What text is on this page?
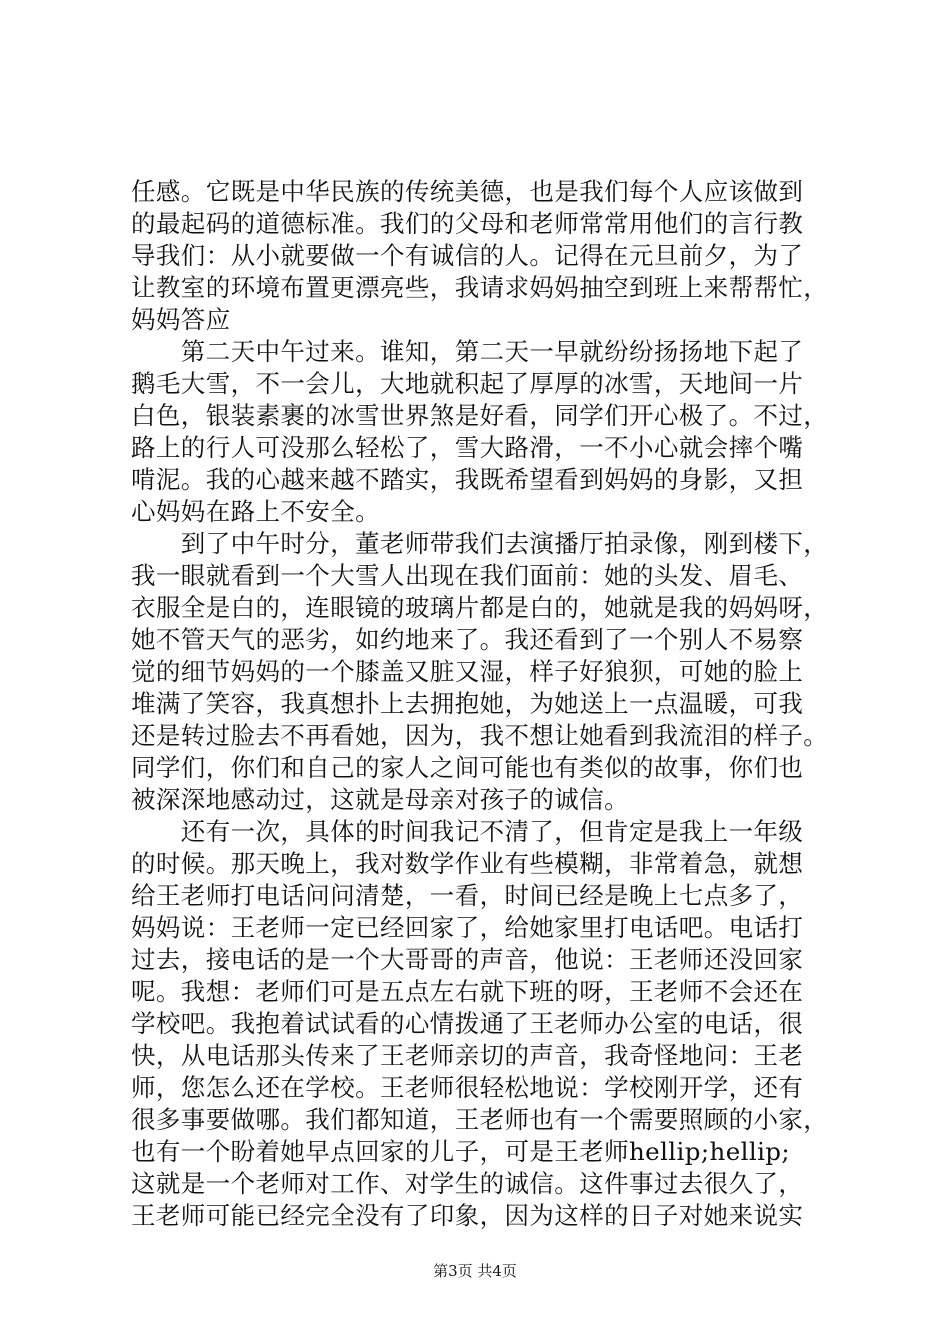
任感。它既是中华民族的传统美德，也是我们每个人应该做到
的最起码的道德标准。我们的父母和老师常常用他们的言行教
导我们：从小就要做一个有诚信的人。记得在元旦前夕，为了
让教室的环境布置更漂亮些，我请求妈妈抽空到班上来帮帮忙，
妈妈答应
　　第二天中午过来。谁知，第二天一早就纷纷扬扬地下起了
鹅毛大雪，不一会儿，大地就积起了厚厚的冰雪，天地间一片
白色，银装素裹的冰雪世界煞是好看，同学们开心极了。不过，
路上的行人可没那么轻松了，雪大路滑，一不小心就会摔个嘴
啃泥。我的心越来越不踏实，我既希望看到妈妈的身影，又担
心妈妈在路上不安全。
　　到了中午时分，董老师带我们去演播厅拍录像，刚到楼下，
我一眼就看到一个大雪人出现在我们面前：她的头发、眉毛、
衣服全是白的，连眼镜的玻璃片都是白的，她就是我的妈妈呀，
她不管天气的恶劣，如约地来了。我还看到了一个别人不易察
觉的细节妈妈的一个膝盖又脏又湿，样子好狼狈，可她的脸上
堆满了笑容，我真想扑上去拥抱她，为她送上一点温暖，可我
还是转过脸去不再看她，因为，我不想让她看到我流泪的样子。
同学们，你们和自己的家人之间可能也有类似的故事，你们也
被深深地感动过，这就是母亲对孩子的诚信。
　　还有一次，具体的时间我记不清了，但肯定是我上一年级
的时候。那天晚上，我对数学作业有些模糊，非常着急，就想
给王老师打电话问问清楚，一看，时间已经是晚上七点多了，
妈妈说：王老师一定已经回家了，给她家里打电话吧。电话打
过去，接电话的是一个大哥哥的声音，他说：王老师还没回家
呢。我想：老师们可是五点左右就下班的呀，王老师不会还在
学校吧。我抱着试试看的心情拨通了王老师办公室的电话，很
快，从电话那头传来了王老师亲切的声音，我奇怪地问：王老
师，您怎么还在学校。王老师很轻松地说：学校刚开学，还有
很多事要做哪。我们都知道，王老师也有一个需要照顾的小家，
也有一个盼着她早点回家的儿子，可是王老师hellip;hellip;
这就是一个老师对工作、对学生的诚信。这件事过去很久了，
王老师可能已经完全没有了印象，因为这样的日子对她来说实
第3页 共4页
